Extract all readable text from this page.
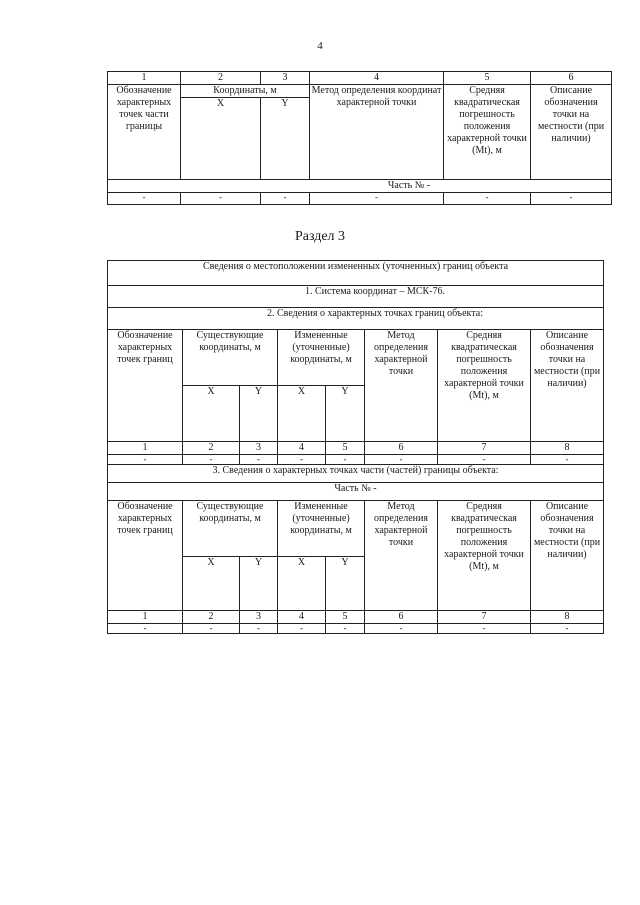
4
1	2	3	4	5	6
Обозначение характерных точек части границы	Координаты, м		Метод определения координат характерной точки	Средняя квадратическая погрешность положения характерной точки (Mt), м	Описание обозначения точки на местности (при наличии)
	X	Y			
Часть № -					
-	-	-	-	-	-
Раздел 3
Сведения о местоположении измененных (уточненных) границ объекта							
1. Система координат – МСК-76.							
2. Сведения о характерных точках границ объекта:							
Обозначение характерных точек границ	Существующие координаты, м		Измененные (уточненные) координаты, м		Метод определения характерной точки	Средняя квадратическая погрешность положения характерной точки (Mt), м	Описание обозначения точки на местности (при наличии)
	X	Y	X	Y			
1	2	3	4	5	6	7	8
-	-	-	-	-	-	-	-
3. Сведения о характерных точках части (частей) границы объекта:							
Часть № -							
Обозначение характерных точек границ	Существующие координаты, м		Измененные (уточненные) координаты, м		Метод определения характерной точки	Средняя квадратическая погрешность положения характерной точки (Mt), м	Описание обозначения точки на местности (при наличии)
	X	Y	X	Y			
1	2	3	4	5	6	7	8
-	-	-	-	-	-	-	-
